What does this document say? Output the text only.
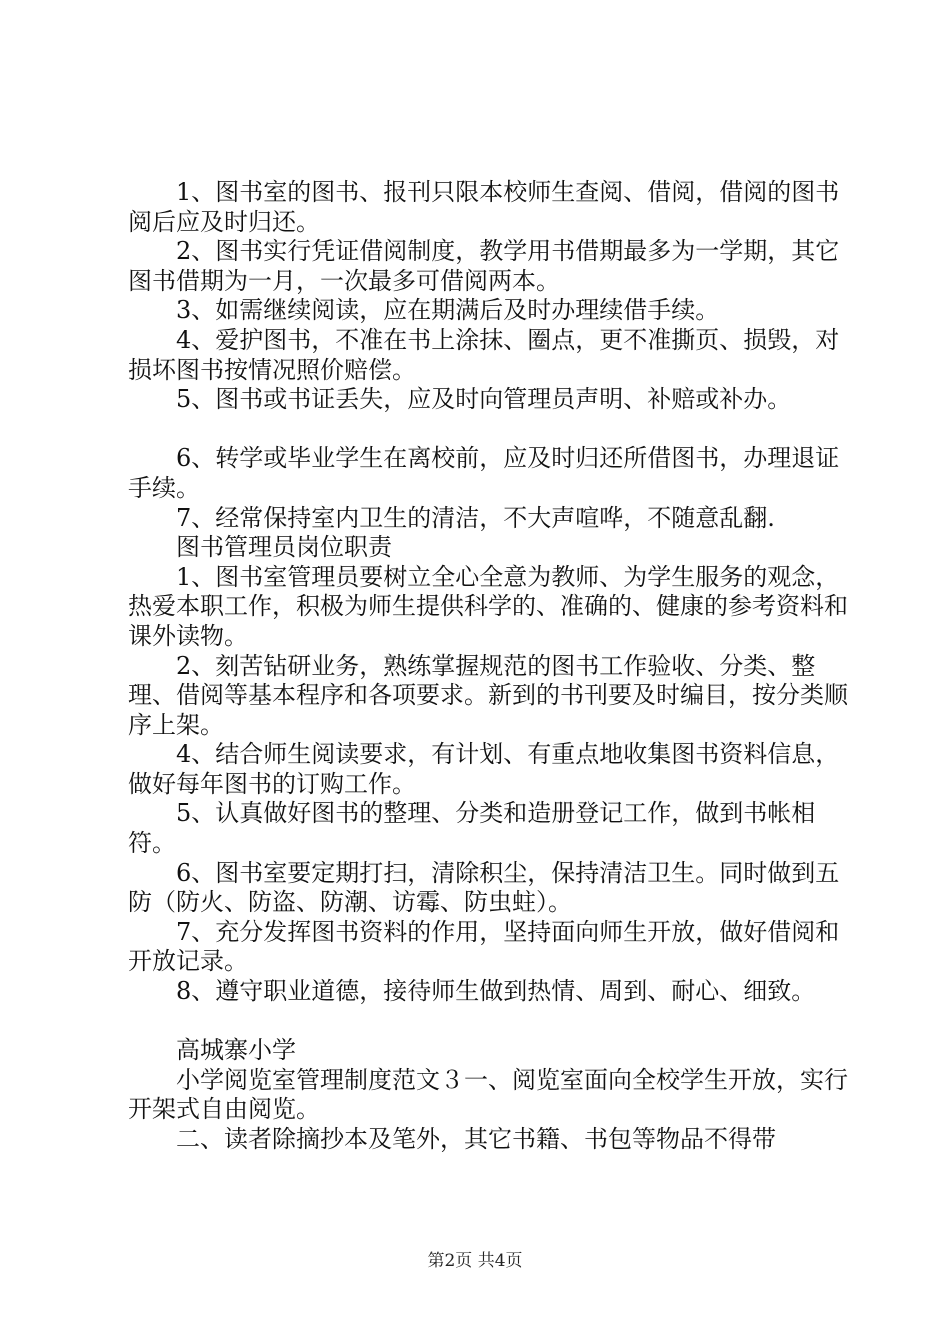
1、图书室的图书、报刊只限本校师生查阅、借阅，借阅的图书阅后应及时归还。

2、图书实行凭证借阅制度，教学用书借期最多为一学期，其它图书借期为一月，一次最多可借阅两本。

3、如需继续阅读，应在期满后及时办理续借手续。

4、爱护图书，不准在书上涂抹、圈点，更不准撕页、损毁，对损坏图书按情况照价赔偿。

5、图书或书证丢失，应及时向管理员声明、补赔或补办。

6、转学或毕业学生在离校前，应及时归还所借图书，办理退证手续。

7、经常保持室内卫生的清洁，不大声喧哗，不随意乱翻.

图书管理员岗位职责

1、图书室管理员要树立全心全意为教师、为学生服务的观念，热爱本职工作，积极为师生提供科学的、准确的、健康的参考资料和课外读物。

2、刻苦钻研业务，熟练掌握规范的图书工作验收、分类、整理、借阅等基本程序和各项要求。新到的书刊要及时编目，按分类顺序上架。

4、结合师生阅读要求，有计划、有重点地收集图书资料信息，做好每年图书的订购工作。

5、认真做好图书的整理、分类和造册登记工作，做到书帐相符。

6、图书室要定期打扫，清除积尘，保持清洁卫生。同时做到五防（防火、防盗、防潮、访霉、防虫蛀）。

7、充分发挥图书资料的作用，坚持面向师生开放，做好借阅和开放记录。

8、遵守职业道德，接待师生做到热情、周到、耐心、细致。

高城寨小学

小学阅览室管理制度范文３一、阅览室面向全校学生开放，实行开架式自由阅览。

二、读者除摘抄本及笔外，其它书籍、书包等物品不得带

第2页 共4页
